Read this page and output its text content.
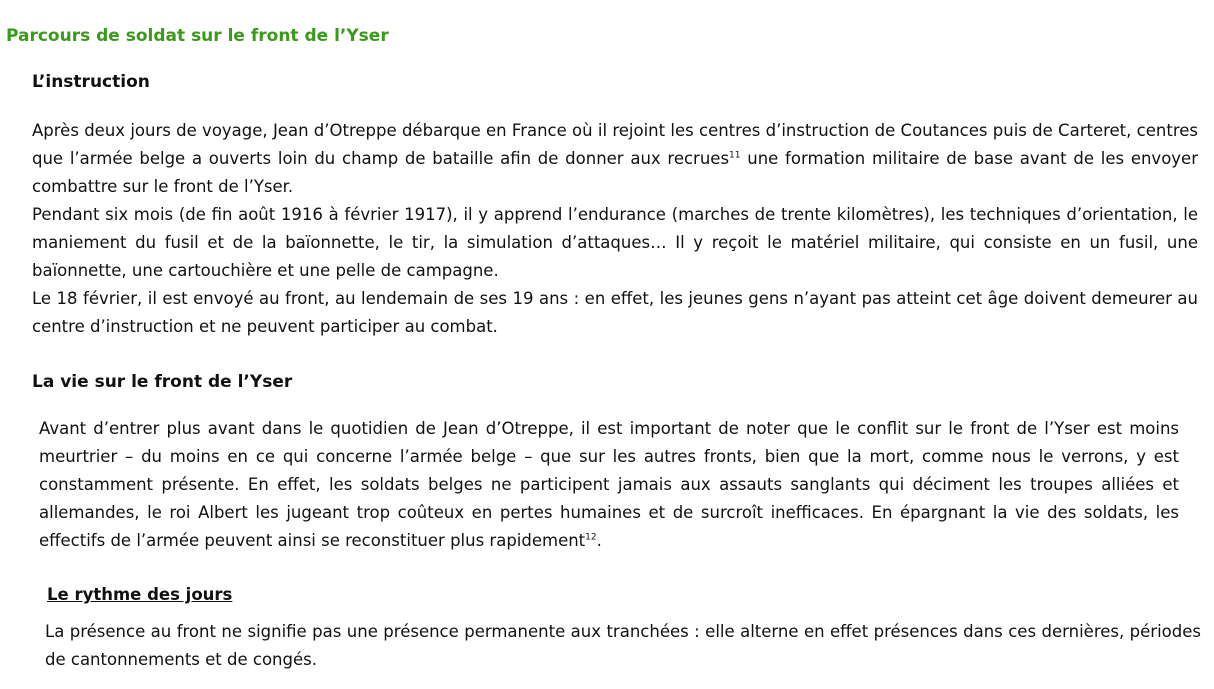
Parcours de soldat sur le front de l’Yser
L’instruction

Après deux jours de voyage, Jean d’Otreppe débarque en France où il rejoint les centres d’instruction de Coutances puis de Carteret, centres que l’armée belge a ouverts loin du champ de bataille afin de donner aux recrues$^{11}$ une formation militaire de base avant de les envoyer combattre sur le front de l’Yser.

Pendant six mois (de fin août 1916 à février 1917), il y apprend l’endurance (marches de trente kilomètres), les techniques d’orientation, le maniement du fusil et de la baïonnette, le tir, la simulation d’attaques… Il y reçoit le matériel militaire, qui consiste en un fusil, une baïonnette, une cartouchière et une pelle de campagne.

Le 18 février, il est envoyé au front, au lendemain de ses 19 ans : en effet, les jeunes gens n’ayant pas atteint cet âge doivent demeurer au centre d’instruction et ne peuvent participer au combat.

La vie sur le front de l’Yser

Avant d’entrer plus avant dans le quotidien de Jean d’Otreppe, il est important de noter que le conflit sur le front de l’Yser est moins meurtrier – du moins en ce qui concerne l’armée belge – que sur les autres fronts, bien que la mort, comme nous le verrons, y est constamment présente. En effet, les soldats belges ne participent jamais aux assauts sanglants qui déciment les troupes alliées et allemandes, le roi Albert les jugeant trop coûteux en pertes humaines et de surcroît inefficaces. En épargnant la vie des soldats, les effectifs de l’armée peuvent ainsi se reconstituer plus rapidement$^{12}$.

Le rythme des jours

La présence au front ne signifie pas une présence permanente aux tranchées : elle alterne en effet présences dans ces dernières, périodes de cantonnements et de congés.
